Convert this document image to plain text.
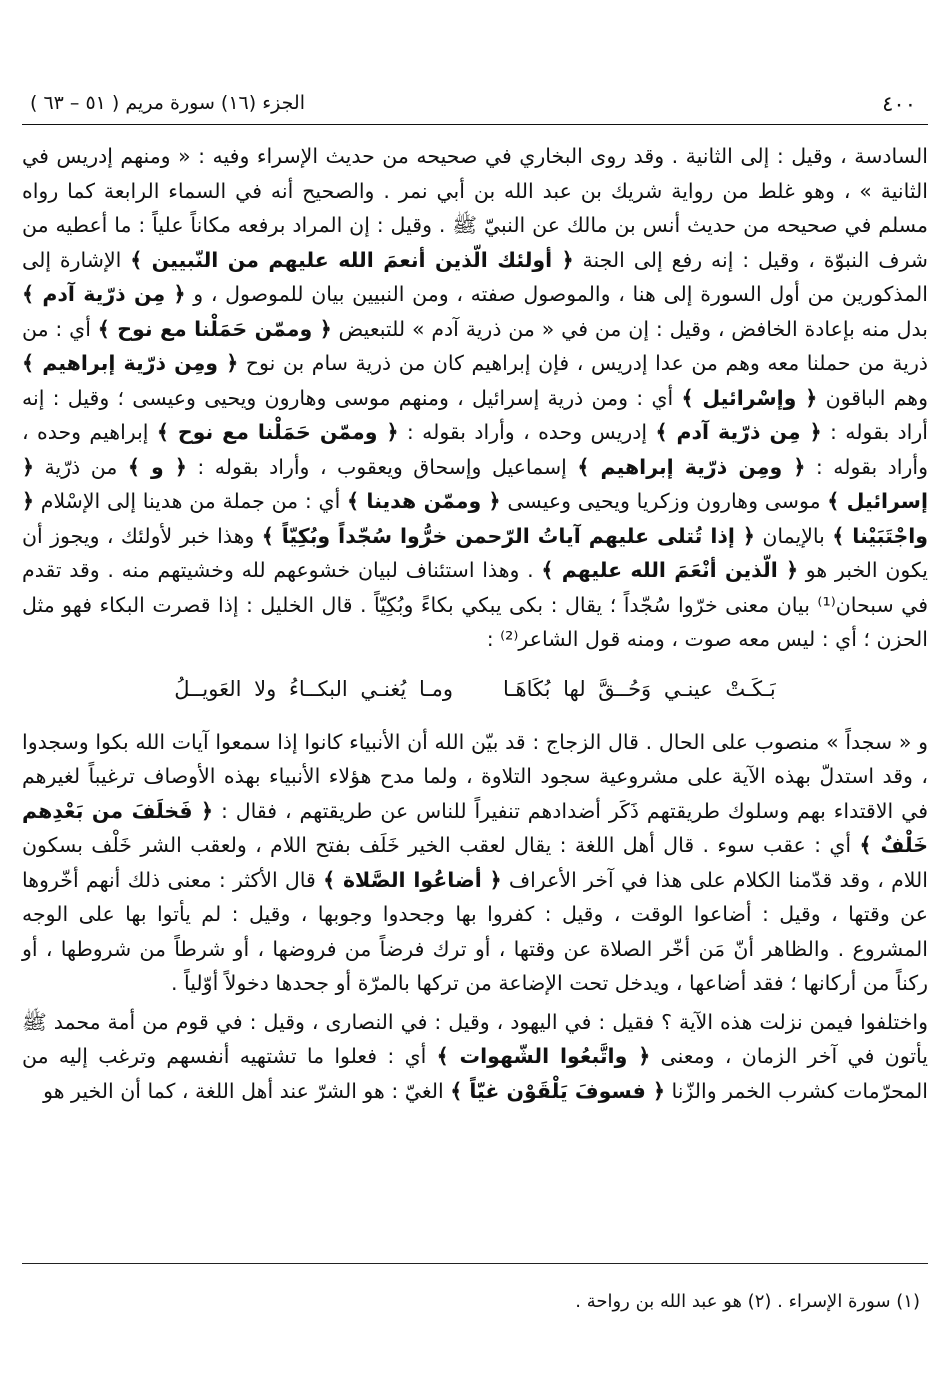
٤٠٠
الجزء (١٦) سورة مريم ( ٥١ – ٦٣ )

السادسة ، وقيل : إلى الثانية . وقد روى البخاري في صحيحه من حديث الإسراء وفيه : « ومنهم إدريس في الثانية » ، وهو غلط من رواية شريك بن عبد الله بن أبي نمر . والصحيح أنه في السماء الرابعة كما رواه مسلم في صحيحه من حديث أنس بن مالك عن النبيّ ﷺ . وقيل : إن المراد برفعه مكاناً علياً : ما أعطيه من شرف النبوّة ، وقيل : إنه رفع إلى الجنة ﴿ أولئك الّذين أنعمَ الله عليهم من النّبيين ﴾ الإشارة إلى المذكورين من أول السورة إلى هنا ، والموصول صفته ، ومن النبيين بيان للموصول ، و ﴿ مِن ذرّية آدم ﴾ بدل منه بإعادة الخافض ، وقيل : إن من في « من ذرية آدم » للتبعيض ﴿ وممّن حَمَلْنا مع نوح ﴾ أي : من ذرية من حملنا معه وهم من عدا إدريس ، فإن إبراهيم كان من ذرية سام بن نوح ﴿ ومِن ذرّية إبراهيم ﴾ وهم الباقون ﴿ وإسْرائيل ﴾ أي : ومن ذرية إسرائيل ، ومنهم موسى وهارون ويحيى وعيسى ؛ وقيل : إنه أراد بقوله : ﴿ مِن ذرّية آدم ﴾ إدريس وحده ، وأراد بقوله : ﴿ وممّن حَمَلْنا مع نوح ﴾ إبراهيم وحده ، وأراد بقوله : ﴿ ومِن ذرّية إبراهيم ﴾ إسماعيل وإسحاق ويعقوب ، وأراد بقوله : ﴿ و ﴾ من ذرّية ﴿ إسرائيل ﴾ موسى وهارون وزكريا ويحيى وعيسى ﴿ وممّن هدينا ﴾ أي : من جملة من هدينا إلى الإسْلام ﴿ واجْتَبَيْنا ﴾ بالإيمان ﴿ إذا تُتلى عليهم آياتُ الرّحمن خرُّوا سُجّداً وبُكِيّاً ﴾ وهذا خبر لأولئك ، ويجوز أن يكون الخبر هو ﴿ الّذين أنْعَمَ الله عليهم ﴾ . وهذا استئناف لبيان خشوعهم لله وخشيتهم منه . وقد تقدم في سبحان⁽¹⁾ بيان معنى خرّوا سُجّداً ؛ يقال : بكى يبكي بكاءً وبُكِيّاً . قال الخليل : إذا قصرت البكاء فهو مثل الحزن ؛ أي : ليس معه صوت ، ومنه قول الشاعر⁽²⁾ :

بَـكَـتْ عينـي وَحُــقَّ لها بُكَاهَـاومـا يُغنـي البكــاءُ ولا العَويــلُ

و « سجداً » منصوب على الحال . قال الزجاج : قد بيّن الله أن الأنبياء كانوا إذا سمعوا آيات الله بكوا وسجدوا ، وقد استدلّ بهذه الآية على مشروعية سجود التلاوة ، ولما مدح هؤلاء الأنبياء بهذه الأوصاف ترغيباً لغيرهم في الاقتداء بهم وسلوك طريقتهم ذَكَر أضدادهم تنفيراً للناس عن طريقتهم ، فقال : ﴿ فَخلَفَ من بَعْدِهم خَلْفٌ ﴾ أي : عقب سوء . قال أهل اللغة : يقال لعقب الخير خَلَف بفتح اللام ، ولعقب الشر خَلْف بسكون اللام ، وقد قدّمنا الكلام على هذا في آخر الأعراف ﴿ أضاعُوا الصَّلاة ﴾ قال الأكثر : معنى ذلك أنهم أخّروها عن وقتها ، وقيل : أضاعوا الوقت ، وقيل : كفروا بها وجحدوا وجوبها ، وقيل : لم يأتوا بها على الوجه المشروع . والظاهر أنّ مَن أخّر الصلاة عن وقتها ، أو ترك فرضاً من فروضها ، أو شرطاً من شروطها ، أو ركناً من أركانها ؛ فقد أضاعها ، ويدخل تحت الإضاعة من تركها بالمرّة أو جحدها دخولاً أوّلياً .

واختلفوا فيمن نزلت هذه الآية ؟ فقيل : في اليهود ، وقيل : في النصارى ، وقيل : في قوم من أمة محمد ﷺ يأتون في آخر الزمان ، ومعنى ﴿ واتَّبعُوا الشّهوات ﴾ أي : فعلوا ما تشتهيه أنفسهم وترغب إليه من المحرّمات كشرب الخمر والزّنا ﴿ فسوفَ يَلْقَوْن غيّاً ﴾ الغيّ : هو الشرّ عند أهل اللغة ، كما أن الخير هو

(١) سورة الإسراء . (٢) هو عبد الله بن رواحة .
